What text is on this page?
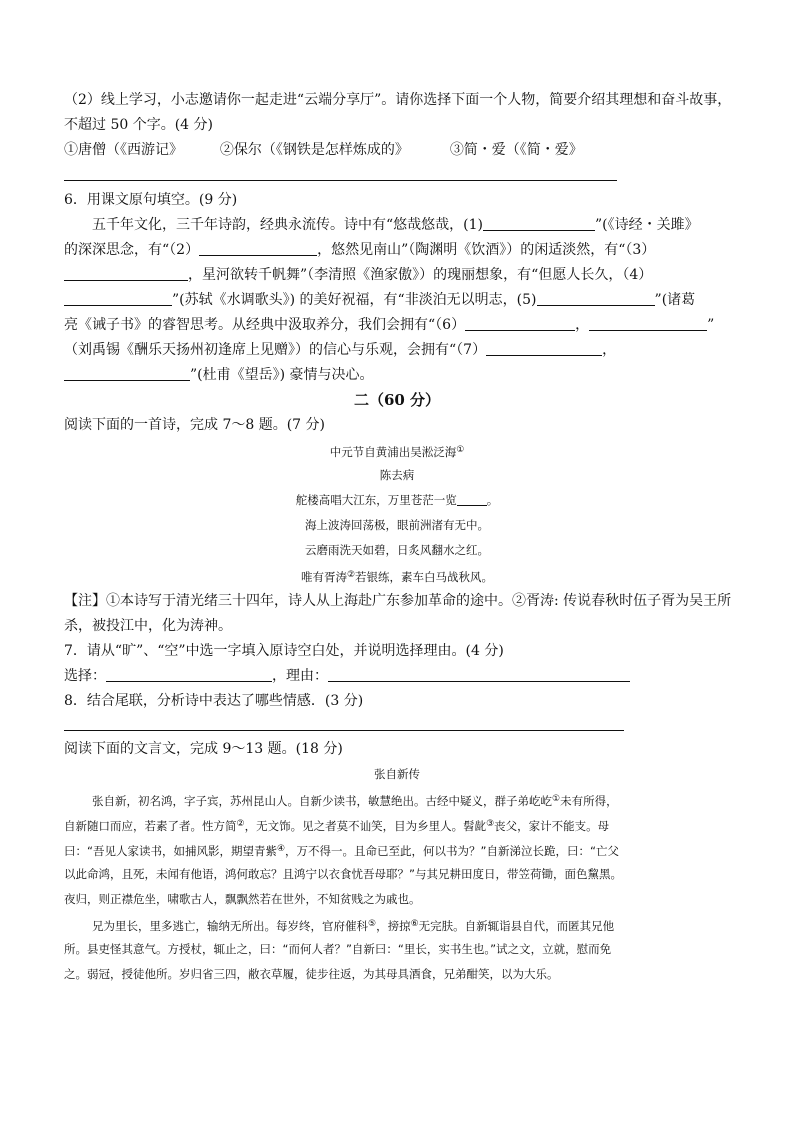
（2）线上学习，小志邀请你一起走进“云端分享厅”。请你选择下面一个人物，简要介绍其理想和奋斗故事，
不超过 50 个字。(4 分)
①唐僧（《西游记》	②保尔（《钢铁是怎样炼成的》	③简・爱（《简・爱》
6．用课文原句填空。(9 分)
五千年文化，三千年诗韵，经典永流传。诗中有“悠哉悠哉，(1)	”(《诗经・关雎》
的深深思念，有“（2）	，悠然见南山”（陶渊明《饮酒》）的闲适淡然，有“（3）
，星河欲转千帆舞”（李清照《渔家傲》）的瑰丽想象，有“但愿人长久，（4）
”(苏轼《水调歌头》) 的美好祝福，有“非淡泊无以明志，(5)	”(诸葛
亮《诫子书》的睿智思考。从经典中汲取养分，我们会拥有“（6）	，	”
（刘禹锡《酬乐天扬州初逢席上见赠》）的信心与乐观，会拥有“（7）	，
”(杜甫《望岳》) 豪情与决心。
二（60 分）
阅读下面的一首诗，完成 7～8 题。(7 分)
中元节自黄浦出吴淞泛海①
陈去病
舵楼高唱大江东，万里苍茫一览	。
海上波涛回荡极，眼前洲渚有无中。
云磨雨洗天如碧，日炙风翻水之红。
唯有胥涛②若银练，素车白马战秋风。
【注】①本诗写于清光绪三十四年，诗人从上海赴广东参加革命的途中。②胥涛: 传说春秋时伍子胥为吴王所
杀，被投江中，化为涛神。
7．请从“旷”、“空”中选一字填入原诗空白处，并说明选择理由。(4 分)
选择：	，理由：
8．结合尾联，分析诗中表达了哪些情感．(3 分)
阅读下面的文言文，完成 9～13 题。(18 分)
张自新传
张自新，初名鸿，字子宾，苏州昆山人。自新少读书，敏慧绝出。古经中疑义，群子弟屹屹①未有所得，
自新随口而应，若素了者。性方简②，无文饰。见之者莫不讪笑，目为乡里人。髫龀③丧父，家计不能支。母
曰：“吾见人家读书，如捕风影，期望青紫④，万不得一。且命已至此，何以书为？”自新涕泣长跪，曰：“亡父
以此命鸿，且死，未闻有他语，鸿何敢忘？且鸿宁以衣食忧吾母耶？”与其兄耕田度日，带笠荷锄，面色黧黑。
夜归，则正襟危坐，啸歌古人，飘飘然若在世外，不知贫贱之为戚也。
兄为里长，里多逃亡，输纳无所出。每岁终，官府催科⑤，搒掠⑥无完肤。自新辄诣县自代，而匿其兄他
所。县吏怪其意气。方授杖，辄止之，曰：“而何人者？”自新曰：“里长，实书生也。”试之文，立就，慰而免
之。弱冠，授徒他所。岁归省三四，敝衣草履，徒步往返，为其母具酒食，兄弟酣笑，以为大乐。
